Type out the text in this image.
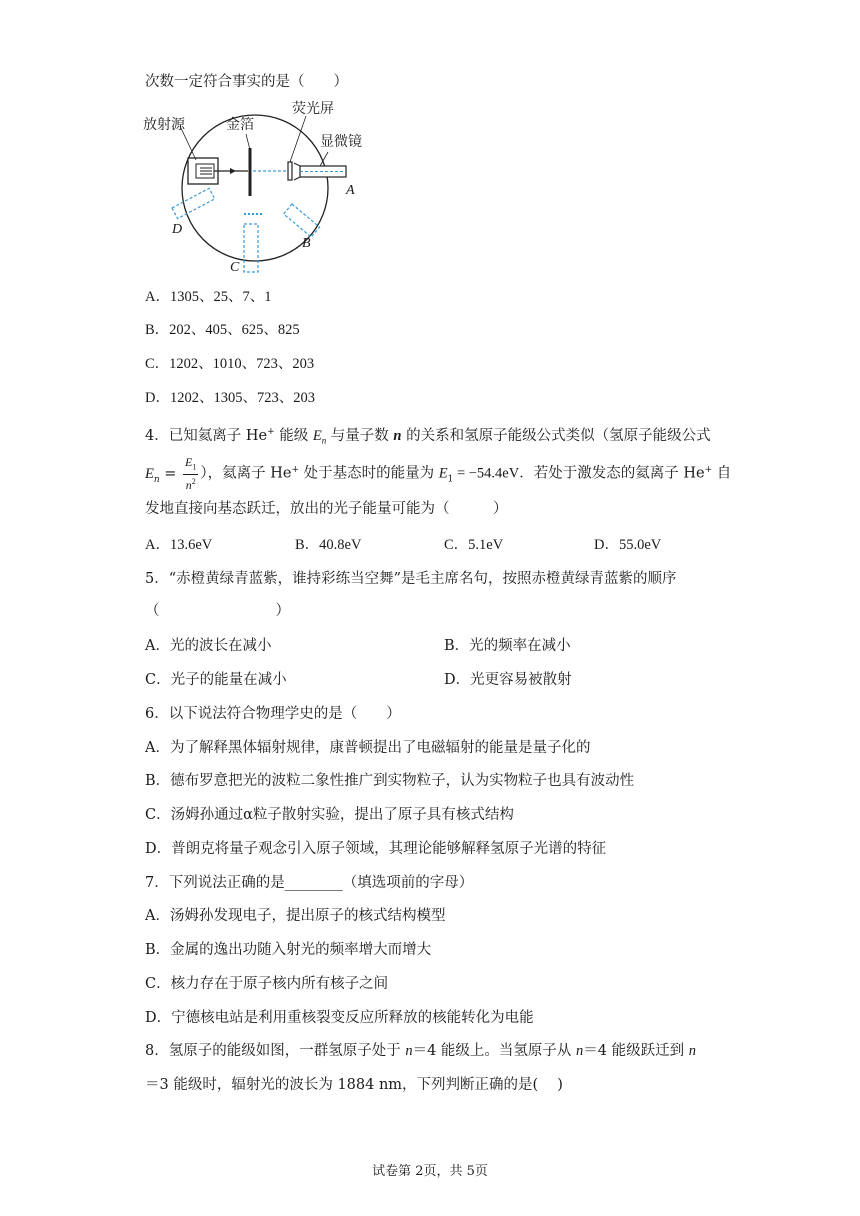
次数一定符合事实的是（　　）
放射源	金箔
荧光屏
显微镜
A
B
C
D
A．1305、25、7、1
B．202、405、625、825
C．1202、1010、723、203
D．1202、1305、723、203
4．已知氦离子 He+ 能级 $E_n$ 与量子数 n 的关系和氢原子能级公式类似（氢原子能级公式
$E_n = \frac{E_1}{n^2}$ ），氦离子 He+ 处于基态时的能量为 $E_1 = -54.4eV$．若处于激发态的氦离子 He+ 自
发地直接向基态跃迁，放出的光子能量可能为（　　　）
A．13.6eV	B．40.8eV	C．5.1eV	D．55.0eV
5．“赤橙黄绿青蓝紫，谁持彩练当空舞”是毛主席名句，按照赤橙黄绿青蓝紫的顺序
（　　　　　　　　）
A．光的波长在减小	B．光的频率在减小
C．光子的能量在减小	D．光更容易被散射
6．以下说法符合物理学史的是（　　）
A．为了解释黑体辐射规律，康普顿提出了电磁辐射的能量是量子化的
B．德布罗意把光的波粒二象性推广到实物粒子，认为实物粒子也具有波动性
C．汤姆孙通过α粒子散射实验，提出了原子具有核式结构
D．普朗克将量子观念引入原子领域，其理论能够解释氢原子光谱的特征
7．下列说法正确的是________（填选项前的字母）
A．汤姆孙发现电子，提出原子的核式结构模型
B．金属的逸出功随入射光的频率增大而增大
C．核力存在于原子核内所有核子之间
D．宁德核电站是利用重核裂变反应所释放的核能转化为电能
8．氢原子的能级如图，一群氢原子处于 n＝4 能级上。当氢原子从 n＝4 能级跃迁到 n
＝3 能级时，辐射光的波长为 1884 nm，下列判断正确的是(　 )
试卷第 2页，共 5页
